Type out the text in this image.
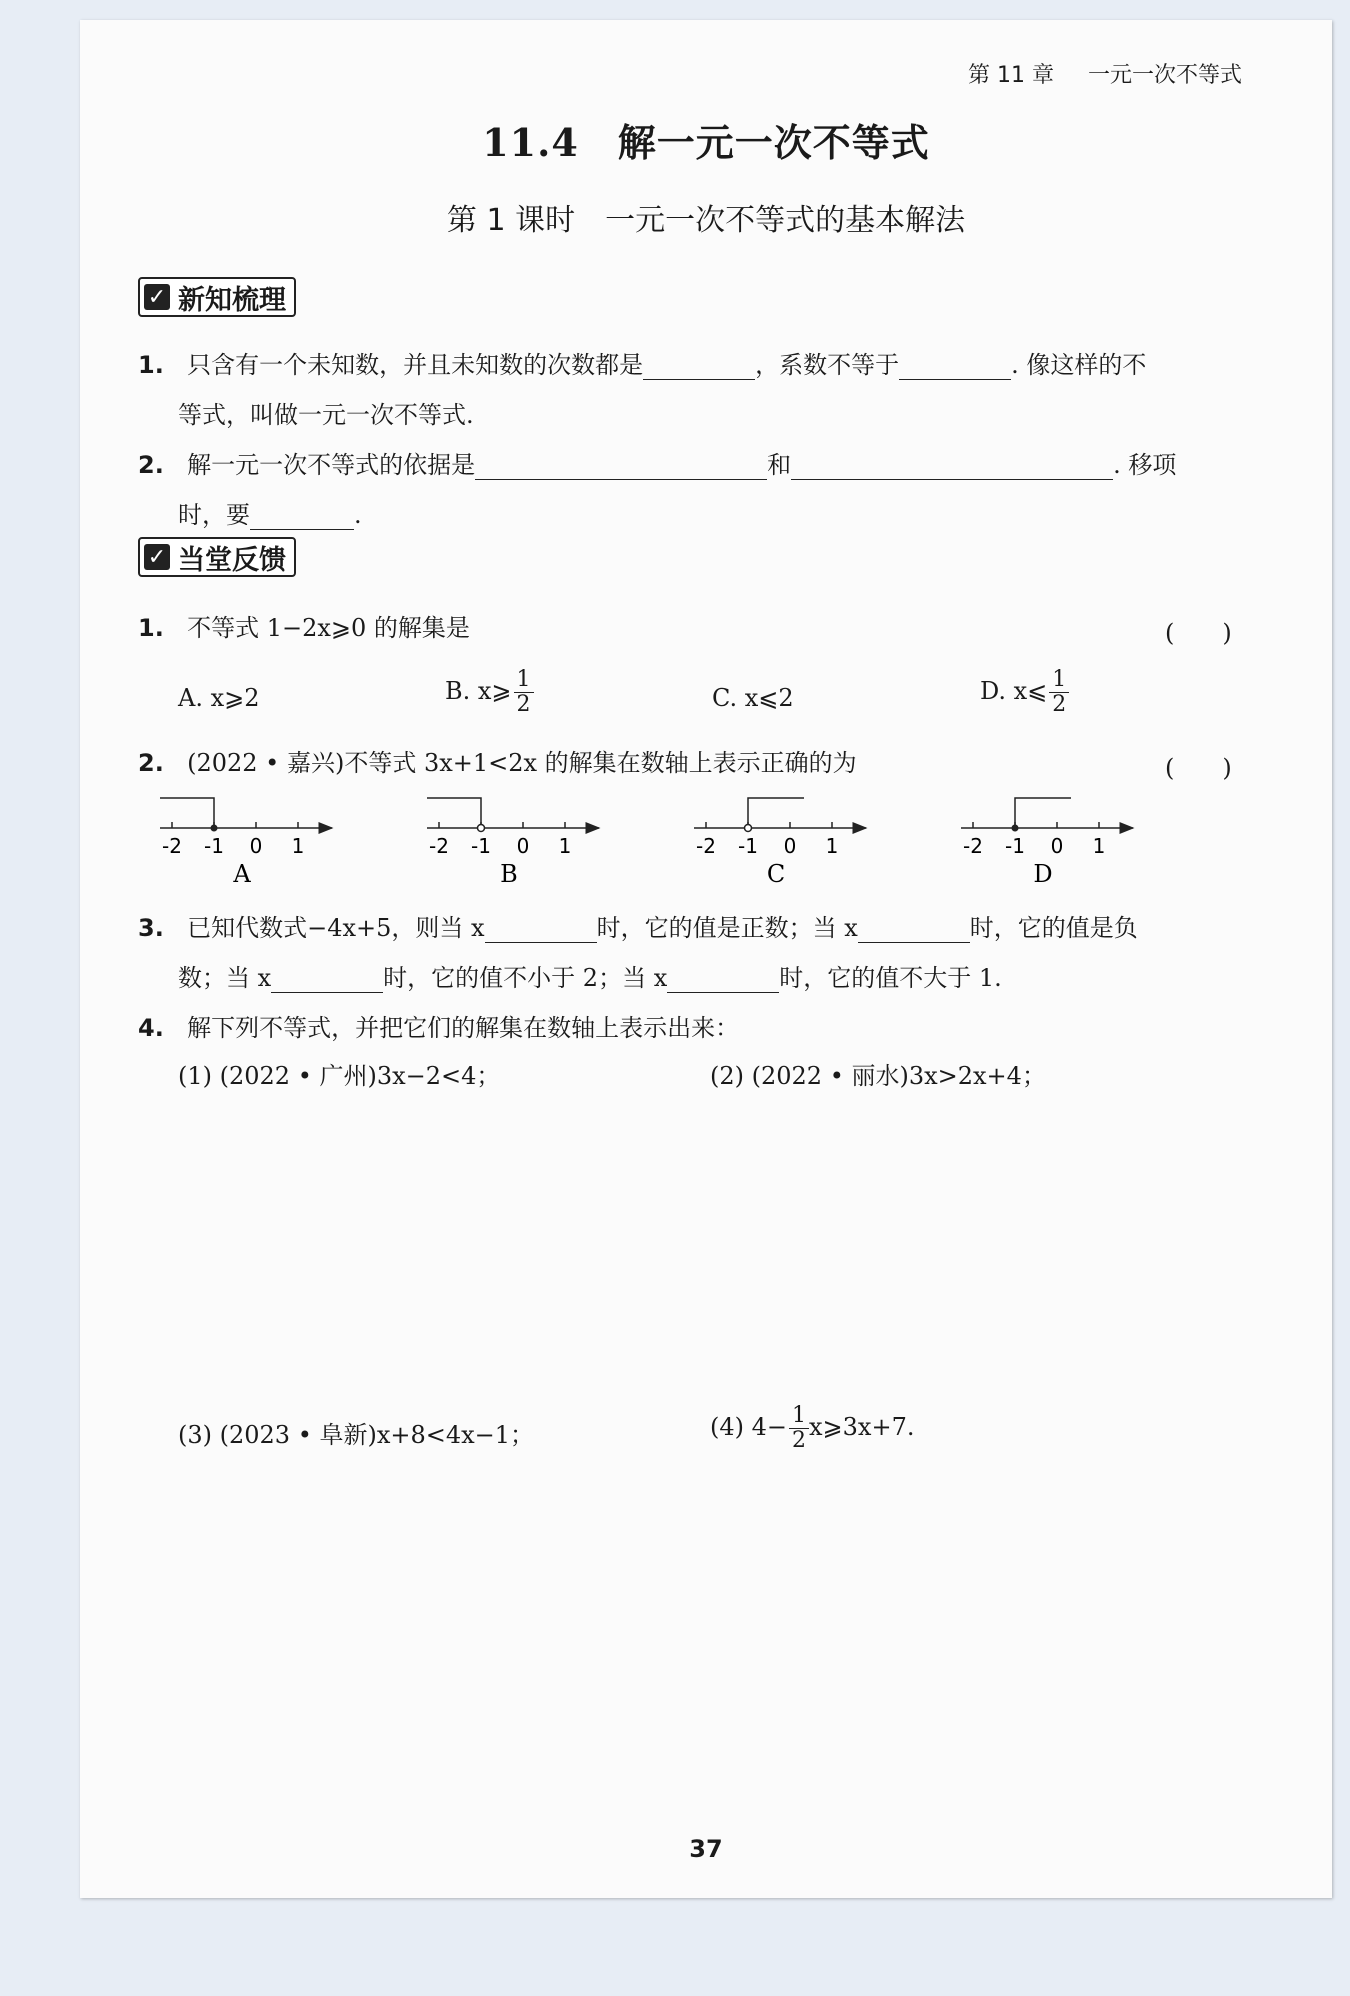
第 11 章 一元一次不等式
11.4　解一元一次不等式
第 1 课时　一元一次不等式的基本解法
✓ 新知梳理
1. 只含有一个未知数，并且未知数的次数都是	，系数不等于	. 像这样的不
等式，叫做一元一次不等式.
2. 解一元一次不等式的依据是	和	. 移项
时，要	.
✓ 当堂反馈
1. 不等式 1−2x⩾0 的解集是	(　　)
A. x⩾2	B. x⩾ $\frac{1}{2}$	C. x⩽2	D. x⩽ $\frac{1}{2}$
2. (2022 • 嘉兴)不等式 3x+1<2x 的解集在数轴上表示正确的为	(　　)
-2 -1 0 1
A
-2 -1 0 1
B
-2 -1 0 1
C
-2 -1 0 1
D
3. 已知代数式−4x+5，则当 x	时，它的值是正数；当 x	时，它的值是负
数；当 x	时，它的值不小于 2；当 x	时，它的值不大于 1.
4. 解下列不等式，并把它们的解集在数轴上表示出来：
(1) (2022 • 广州)3x−2<4；	(2) (2022 • 丽水)3x>2x+4；
(3) (2023 • 阜新)x+8<4x−1；	(4) $4- \frac{1}{2}$ x⩾3x+7.
37
